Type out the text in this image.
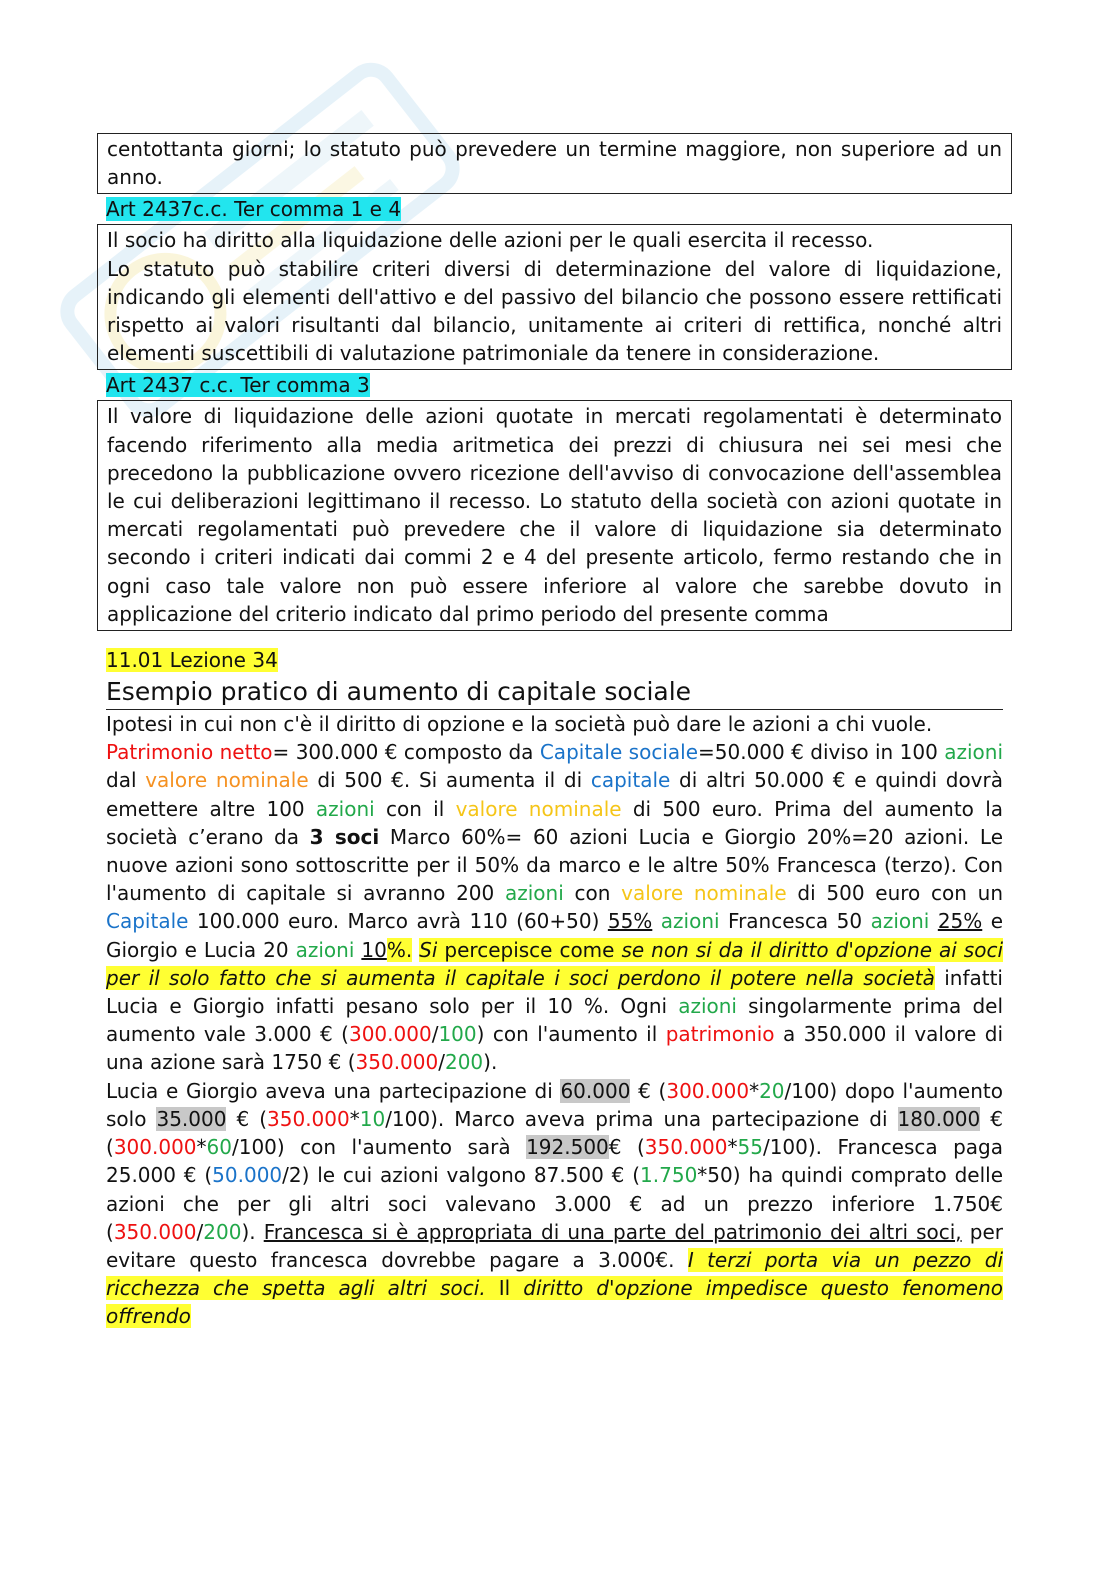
centottanta giorni; lo statuto può prevedere un termine maggiore, non superiore ad un anno.

Art 2437c.c. Ter comma 1 e 4

Il socio ha diritto alla liquidazione delle azioni per le quali esercita il recesso.

Lo statuto può stabilire criteri diversi di determinazione del valore di liquidazione, indicando gli elementi dell'attivo e del passivo del bilancio che possono essere rettificati rispetto ai valori risultanti dal bilancio, unitamente ai criteri di rettifica, nonché altri elementi suscettibili di valutazione patrimoniale da tenere in considerazione.

Art 2437 c.c. Ter comma 3

Il valore di liquidazione delle azioni quotate in mercati regolamentati è determinato facendo riferimento alla media aritmetica dei prezzi di chiusura nei sei mesi che precedono la pubblicazione ovvero ricezione dell'avviso di convocazione dell'assemblea le cui deliberazioni legittimano il recesso. Lo statuto della società con azioni quotate in mercati regolamentati può prevedere che il valore di liquidazione sia determinato secondo i criteri indicati dai commi 2 e 4 del presente articolo, fermo restando che in ogni caso tale valore non può essere inferiore al valore che sarebbe dovuto in applicazione del criterio indicato dal primo periodo del presente comma

11.01 Lezione 34
Esempio pratico di aumento di capitale sociale

Ipotesi in cui non c'è il diritto di opzione e la società può dare le azioni a chi vuole.

Patrimonio netto= 300.000 € composto da Capitale sociale=50.000 € diviso in 100 azioni dal valore nominale di 500 €. Si aumenta il di capitale di altri 50.000 € e quindi dovrà emettere altre 100 azioni con il valore nominale di 500 euro. Prima del aumento la società c’erano da 3 soci Marco 60%= 60 azioni Lucia e Giorgio 20%=20 azioni. Le nuove azioni sono sottoscritte per il 50% da marco e le altre 50% Francesca (terzo). Con l'aumento di capitale si avranno 200 azioni con valore nominale di 500 euro con un Capitale 100.000 euro. Marco avrà 110 (60+50) 55% azioni Francesca 50 azioni 25% e Giorgio e Lucia 20 azioni 10%. Si percepisce come se non si da il diritto d'opzione ai soci per il solo fatto che si aumenta il capitale i soci perdono il potere nella società infatti Lucia e Giorgio infatti pesano solo per il 10 %. Ogni azioni singolarmente prima del aumento vale 3.000 € (300.000/100) con l'aumento il patrimonio a 350.000 il valore di una azione sarà 1750 € (350.000/200).

Lucia e Giorgio aveva una partecipazione di 60.000 € (300.000*20/100) dopo l'aumento solo 35.000 € (350.000*10/100). Marco aveva prima una partecipazione di 180.000 € (300.000*60/100) con l'aumento sarà 192.500€ (350.000*55/100). Francesca paga 25.000 € (50.000/2) le cui azioni valgono 87.500 € (1.750*50) ha quindi comprato delle azioni che per gli altri soci valevano 3.000 € ad un prezzo inferiore 1.750€ (350.000/200). Francesca si è appropriata di una parte del patrimonio dei altri soci, per evitare questo francesca dovrebbe pagare a 3.000€. I terzi porta via un pezzo di ricchezza che spetta agli altri soci. Il diritto d'opzione impedisce questo fenomeno offrendo
